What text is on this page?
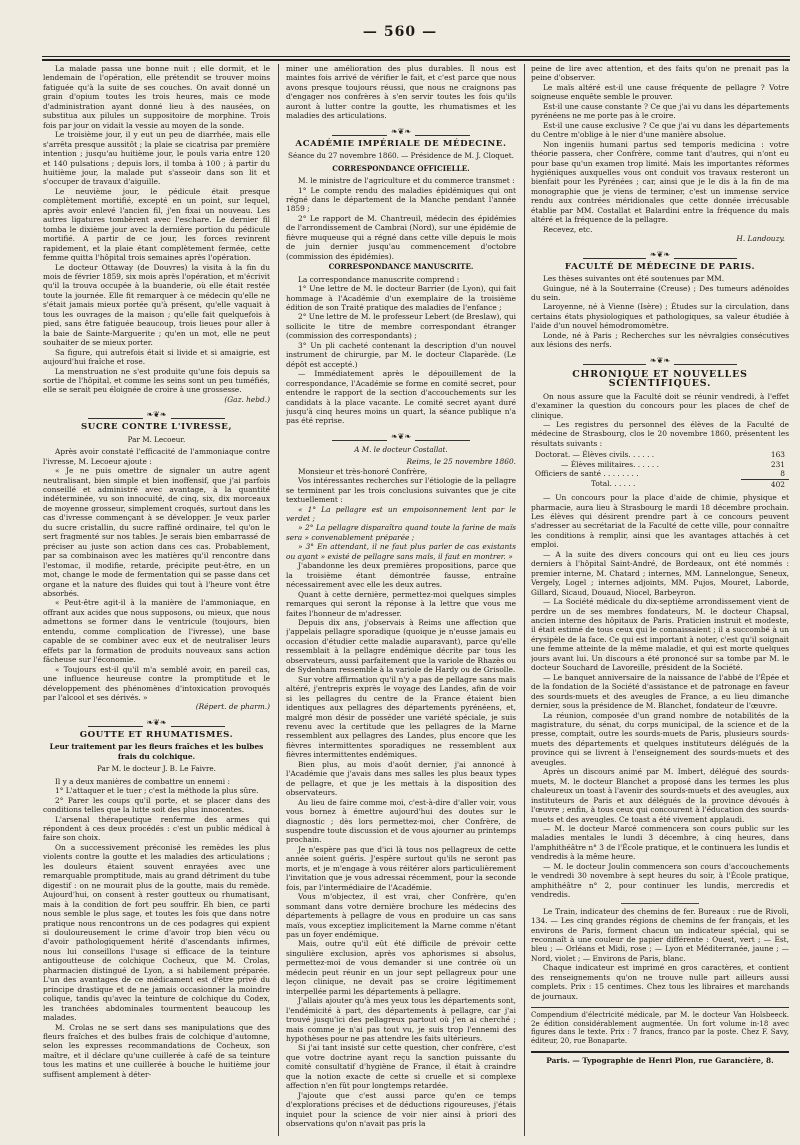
— 560 —

La malade passa une bonne nuit ; elle dormit, et le lendemain de l'opération, elle prétendit se trouver moins fatiguée qu'à la suite de ses couches. On avait donné un grain d'opium toutes les trois heures, mais ce mode d'administration ayant donné lieu à des nausées, on substitua aux pilules un suppositoire de morphine. Trois fois par jour on vidait la vessie au moyen de la sonde.

Le troisième jour, il y eut un peu de diarrhée, mais elle s'arrêta presque aussitôt ; la plaie se cicatrisa par première intention ; jusqu'au huitième jour, le pouls varia entre 120 et 140 pulsations ; depuis lors, il tomba à 100 ; à partir du huitième jour, la malade put s'asseoir dans son lit et s'occuper de travaux d'aiguille.

Le neuvième jour, le pédicule était presque complètement mortifié, excepté en un point, sur lequel, après avoir enlevé l'ancien fil, j'en fixai un nouveau. Les autres ligatures tombèrent avec l'eschare. Le dernier fil tomba le dixième jour avec la dernière portion du pédicule mortifié. A partir de ce jour, les forces revinrent rapidement, et la plaie étant complètement fermée, cette femme quitta l'hôpital trois semaines après l'opération.

Le docteur Ottaway (de Douvres) la visita à la fin du mois de février 1859, six mois après l'opération, et m'écrivit qu'il la trouva occupée à la buanderie, où elle était restée toute la journée. Elle fit remarquer à ce médecin qu'elle ne s'était jamais mieux portée qu'à présent, qu'elle vaquait à tous les ouvrages de la maison ; qu'elle fait quelquefois à pied, sans être fatiguée beaucoup, trois lieues pour aller à la baie de Sainte-Marguerite ; qu'en un mot, elle ne peut souhaiter de se mieux porter.

Sa figure, qui autrefois était si livide et si amaigrie, est aujourd'hui fraîche et rose.

La menstruation ne s'est produite qu'une fois depuis sa sortie de l'hôpital, et comme les seins sont un peu tuméfiés, elle se serait peu éloignée de croire à une grossesse.

(Gaz. hebd.)
❧❦❧
SUCRE CONTRE L'IVRESSE,
Par M. Lecoeur.

Après avoir constaté l'efficacité de l'ammoniaque contre l'ivresse, M. Lecoeur ajoute :

« Je ne puis omettre de signaler un autre agent neutralisant, bien simple et bien inoffensif, que j'ai parfois conseillé et administré avec avantage, à la quantité indéterminée, vu son innocuité, de cinq, six, dix morceaux de moyenne grosseur, simplement croqués, surtout dans les cas d'ivresse commençant à se développer. Je veux parler du sucre cristallin, du sucre raffiné ordinaire, tel qu'on le sert fragmenté sur nos tables. Je serais bien embarrassé de préciser au juste son action dans ces cas. Probablement, par sa combinaison avec les matières qu'il rencontre dans l'estomac, il modifie, retarde, précipite peut-être, en un mot, change le mode de fermentation qui se passe dans cet organe et la nature des fluides qui tout à l'heure vont être absorbés.

« Peut-être agit-il à la manière de l'ammoniaque, en offrant aux acides que nous supposons, ou mieux, que nous admettons se former dans le ventricule (toujours, bien entendu, comme complication de l'ivresse), une base capable de se combiner avec eux et de neutraliser leurs effets par la formation de produits nouveaux sans action fâcheuse sur l'économie.

« Toujours est-il qu'il m'a semblé avoir, en pareil cas, une influence heureuse contre la promptitude et le développement des phénomènes d'intoxication provoqués par l'alcool et ses dérivés. »

(Répert. de pharm.)
❧❦❧
GOUTTE ET RHUMATISMES.
Leur traitement par les fleurs fraîches et les bulbes frais du colchique.
Par M. le docteur J. B. Le Faivre.

Il y a deux manières de combattre un ennemi :

1° L'attaquer et le tuer ; c'est la méthode la plus sûre.

2° Parer les coups qu'il porte, et se placer dans des conditions telles que la lutte soit des plus innocentes.

L'arsenal thérapeutique renferme des armes qui répondent à ces deux procédés : c'est un public médical à faire son choix.

On a successivement préconisé les remèdes les plus violents contre la goutte et les maladies des articulations ; les douleurs étaient souvent enrayées avec une remarquable promptitude, mais au grand détriment du tube digestif : on ne mourait plus de la goutte, mais du remède. Aujourd'hui, on consent à rester goutteux ou rhumatisant, mais à la condition de fort peu souffrir. Eh bien, ce parti nous semble le plus sage, et toutes les fois que dans notre pratique nous rencontrons un de ces podagres qui expient si douloureusement le crime d'avoir trop bien vécu ou d'avoir pathologiquement hérité d'ascendants infirmes, nous lui conseillons l'usage si efficace de la teinture antigoutteuse de colchique Cocheux, que M. Crolas, pharmacien distingué de Lyon, a si habilement préparée. L'un des avantages de ce médicament est d'être privé du principe drastique et de ne jamais occasionner la moindre colique, tandis qu'avec la teinture de colchique du Codex, les tranchées abdominales tourmentent beaucoup les malades.

M. Crolas ne se sert dans ses manipulations que des fleurs fraîches et des bulbes frais de colchique d'automne, selon les expresses recommandations de Cocheux, son maître, et il déclare qu'une cuillerée à café de sa teinture tous les matins et une cuillerée à bouche le huitième jour suffisent amplement à déter-

miner une amélioration des plus durables. Il nous est maintes fois arrivé de vérifier le fait, et c'est parce que nous avons presque toujours réussi, que nous ne craignons pas d'engager nos confrères à s'en servir toutes les fois qu'ils auront à lutter contre la goutte, les rhumatismes et les maladies des articulations.

❧❦❧
ACADÉMIE IMPÉRIALE DE MÉDECINE.
Séance du 27 novembre 1860. — Présidence de M. J. Cloquet.
CORRESPONDANCE OFFICIELLE.

M. le ministre de l'agriculture et du commerce transmet :

1° Le compte rendu des maladies épidémiques qui ont régné dans le département de la Manche pendant l'année 1859 ;

2° Le rapport de M. Chantreuil, médecin des épidémies de l'arrondissement de Cambrai (Nord), sur une épidémie de fièvre muqueuse qui a régné dans cette ville depuis le mois de juin dernier jusqu'au commencement d'octobre (commission des épidémies).

CORRESPONDANCE MANUSCRITE.

La correspondance manuscrite comprend :

1° Une lettre de M. le docteur Barrier (de Lyon), qui fait hommage à l'Académie d'un exemplaire de la troisième édition de son Traité pratique des maladies de l'enfance ;

2° Une lettre de M. le professeur Lebert (de Breslaw), qui sollicite le titre de membre correspondant étranger (commission des correspondants) ;

3° Un pli cacheté contenant la description d'un nouvel instrument de chirurgie, par M. le docteur Claparède. (Le dépôt est accepté.)

— Immédiatement après le dépouillement de la correspondance, l'Académie se forme en comité secret, pour entendre le rapport de la section d'accouchements sur les candidats à la place vacante. Le comité secret ayant duré jusqu'à cinq heures moins un quart, la séance publique n'a pas été reprise.

❧❦❧
A M. le docteur Costallat.
Reims, le 25 novembre 1860.

Monsieur et très-honoré Confrère,

Vos intéressantes recherches sur l'étiologie de la pellagre se terminent par les trois conclusions suivantes que je cite textuellement :

« 1° La pellagre est un empoisonnement lent par le verdet ;

» 2° La pellagre disparaîtra quand toute la farine de maïs sera » convenablement préparée ;

» 3° En attendant, il ne faut plus parler de cas existants ou ayant » existé de pellagre sans maïs, il faut en montrer. »

J'abandonne les deux premières propositions, parce que la troisième étant démontrée fausse, entraîne nécessairement avec elle les deux autres.

Quant à cette dernière, permettez-moi quelques simples remarques qui seront la réponse à la lettre que vous me faites l'honneur de m'adresser.

Depuis dix ans, j'observais à Reims une affection que j'appelais pellagre sporadique (quoique je n'eusse jamais eu occasion d'étudier cette maladie auparavant), parce qu'elle ressemblait à la pellagre endémique décrite par tous les observateurs, aussi parfaitement que la variole de Rhazès ou de Sydenham ressemble à la variole de Hardy ou de Grisolle.

Sur votre affirmation qu'il n'y a pas de pellagre sans maïs altéré, j'entrepris exprès le voyage des Landes, afin de voir si les pellagres du centre de la France étaient bien identiques aux pellagres des départements pyrénéens, et, malgré mon désir de posséder une variété spéciale, je suis revenu avec la certitude que les pellagres de la Marne ressemblent aux pellagres des Landes, plus encore que les fièvres intermittentes sporadiques ne ressemblent aux fièvres intermittentes endémiques.

Bien plus, au mois d'août dernier, j'ai annoncé à l'Académie que j'avais dans mes salles les plus beaux types de pellagre, et que je les mettais à la disposition des observateurs.

Au lieu de faire comme moi, c'est-à-dire d'aller voir, vous vous bornez à émettre aujourd'hui des doutes sur le diagnostic ; dès lors permettez-moi, cher Confrère, de suspendre toute discussion et de vous ajourner au printemps prochain.

Je n'espère pas que d'ici là tous nos pellagreux de cette année soient guéris. J'espère surtout qu'ils ne seront pas morts, et je m'engage à vous réitérer alors particulièrement l'invitation que je vous adressai récemment, pour la seconde fois, par l'intermédiaire de l'Académie.

Vous m'objectez, il est vrai, cher Confrère, qu'en sommant dans votre dernière brochure les médecins des départements à pellagre de vous en produire un cas sans maïs, vous exceptiez implicitement la Marne comme n'étant pas un foyer endémique.

Mais, outre qu'il eût été difficile de prévoir cette singulière exclusion, après vos aphorismes si absolus, permettez-moi de vous demander si une contrée où un médecin peut réunir en un jour sept pellagreux pour une leçon clinique, ne devait pas se croire légitimement interpellée parmi les départements à pellagre.

J'allais ajouter qu'à mes yeux tous les départements sont, l'endémicité à part, des départements à pellagre, car j'ai trouvé jusqu'ici des pellagreux partout où j'en ai cherché ; mais comme je n'ai pas tout vu, je suis trop l'ennemi des hypothèses pour ne pas attendre les faits ultérieurs.

Si j'ai tant insisté sur cette question, cher confrère, c'est que votre doctrine ayant reçu la sanction puissante du comité consultatif d'hygiène de France, il était à craindre que la notion exacte de cette si cruelle et si complexe affection n'en fût pour longtemps retardée.

J'ajoute que c'est aussi parce qu'en ce temps d'explorations précises et de déductions rigoureuses, j'étais inquiet pour la science de voir nier ainsi à priori des observations qu'on n'avait pas pris la

peine de lire avec attention, et des faits qu'on ne prenait pas la peine d'observer.

Le maïs altéré est-il une cause fréquente de pellagre ? Votre soigneuse enquête semble le prouver.

Est-il une cause constante ? Ce que j'ai vu dans les départements pyrénéens ne me porte pas à le croire.

Est-il une cause exclusive ? Ce que j'ai vu dans les départements du Centre m'oblige à le nier d'une manière absolue.

Non ingeniis humani partus sed temporis medicina : votre théorie passera, cher Confrère, comme tant d'autres, qui n'ont eu pour base qu'un examen trop limité. Mais les importantes réformes hygiéniques auxquelles vous ont conduit vos travaux resteront un bienfait pour les Pyrénées ; car, ainsi que je le dis à la fin de ma monographie que je viens de terminer, c'est un immense service rendu aux contrées méridionales que cette donnée irrécusable établie par MM. Costallat et Balardini entre la fréquence du maïs altéré et la fréquence de la pellagre.

Recevez, etc.

H. Landouzy.
❧❦❧
FACULTÉ DE MÉDECINE DE PARIS.

Les thèses suivantes ont été soutenues par MM.

Guingue, né à la Souterraine (Creuse) ; Des tumeurs adénoïdes du sein.

Laroyenne, né à Vienne (Isère) ; Études sur la circulation, dans certains états physiologiques et pathologiques, sa valeur étudiée à l'aide d'un nouvel hémodromomètre.

Londe, né à Paris ; Recherches sur les névralgies consécutives aux lésions des nerfs.

❧❦❧
CHRONIQUE ET NOUVELLES SCIENTIFIQUES.

On nous assure que la Faculté doit se réunir vendredi, à l'effet d'examiner la question du concours pour les places de chef de clinique.

— Les registres du personnel des élèves de la Faculté de médecine de Strasbourg, clos le 20 novembre 1860, présentent les résultats suivants :

Doctorat. — Élèves civils. . . . . .	163
— Élèves militaires. . . . . .	231
Officiers de santé . . . . . . . .	8
Total. . . . . .	402

— Un concours pour la place d'aide de chimie, physique et pharmacie, aura lieu à Strasbourg le mardi 18 décembre prochain. Les élèves qui désirent prendre part à ce concours peuvent s'adresser au secrétariat de la Faculté de cette ville, pour connaître les conditions à remplir, ainsi que les avantages attachés à cet emploi.

— A la suite des divers concours qui ont eu lieu ces jours derniers à l'hôpital Saint-André, de Bordeaux, ont été nommés : premier interne, M. Chatard ; internes, MM. Lannelongue, Seneux, Vergely, Logel ; internes adjoints, MM. Pujos, Mouret, Laborde, Gillard, Sicaud, Douaud, Niocel, Barbeyron.

— La Société médicale du dix-septième arrondissement vient de perdre un de ses membres fondateurs, M. le docteur Chapsal, ancien interne des hôpitaux de Paris. Praticien instruit et modeste, il était estimé de tous ceux qui le connaissaient ; il a succombé à un érysipèle de la face. Ce qui est important à noter, c'est qu'il soignait une femme atteinte de la même maladie, et qui est morte quelques jours avant lui. Un discours a été prononcé sur sa tombe par M. le docteur Souchard de Lavoreille, président de la Société.

— Le banquet anniversaire de la naissance de l'abbé de l'Épée et de la fondation de la Société d'assistance et de patronage en faveur des sourds-muets et des aveugles de France, a eu lieu dimanche dernier, sous la présidence de M. Blanchet, fondateur de l'œuvre.

La réunion, composée d'un grand nombre de notabilités de la magistrature, du sénat, du corps municipal, de la science et de la presse, comptait, outre les sourds-muets de Paris, plusieurs sourds-muets des départements et quelques instituteurs délégués de la province qui se livrent à l'enseignement des sourds-muets et des aveugles.

Après un discours animé par M. Imbert, délégué des sourds-muets, M. le docteur Blanchet a proposé dans les termes les plus chaleureux un toast à l'avenir des sourds-muets et des aveugles, aux instituteurs de Paris et aux délégués de la province dévoués à l'œuvre ; enfin, à tous ceux qui concourent à l'éducation des sourds-muets et des aveugles. Ce toast a été vivement applaudi.

— M. le docteur Marcé commencera son cours public sur les maladies mentales le lundi 3 décembre, à cinq heures, dans l'amphithéâtre n° 3 de l'École pratique, et le continuera les lundis et vendredis à la même heure.

— M. le docteur Joulin commencera son cours d'accouchements le vendredi 30 novembre à sept heures du soir, à l'École pratique, amphithéâtre n° 2, pour continuer les lundis, mercredis et vendredis.

Le Train, indicateur des chemins de fer. Bureaux : rue de Rivoli, 134. — Les cinq grandes régions de chemins de fer français, et les environs de Paris, forment chacun un indicateur spécial, qui se reconnaît à une couleur de papier différente : Ouest, vert ; — Est, bleu ; — Orléans et Midi, rose ; — Lyon et Méditerranée, jaune ; — Nord, violet ; — Environs de Paris, blanc.

Chaque indicateur est imprimé en gros caractères, et contient des renseignements qu'on ne trouve nulle part ailleurs aussi complets. Prix : 15 centimes. Chez tous les libraires et marchands de journaux.

Compendium d'électricité médicale, par M. le docteur Van Holsbeeck. 2e édition considérablement augmentée. Un fort volume in-18 avec figures dans le texte. Prix : 7 francs, franco par la poste. Chez F. Savy, éditeur, 20, rue Bonaparte.
Paris. — Typographie de Henri Plon, rue Garancière, 8.
